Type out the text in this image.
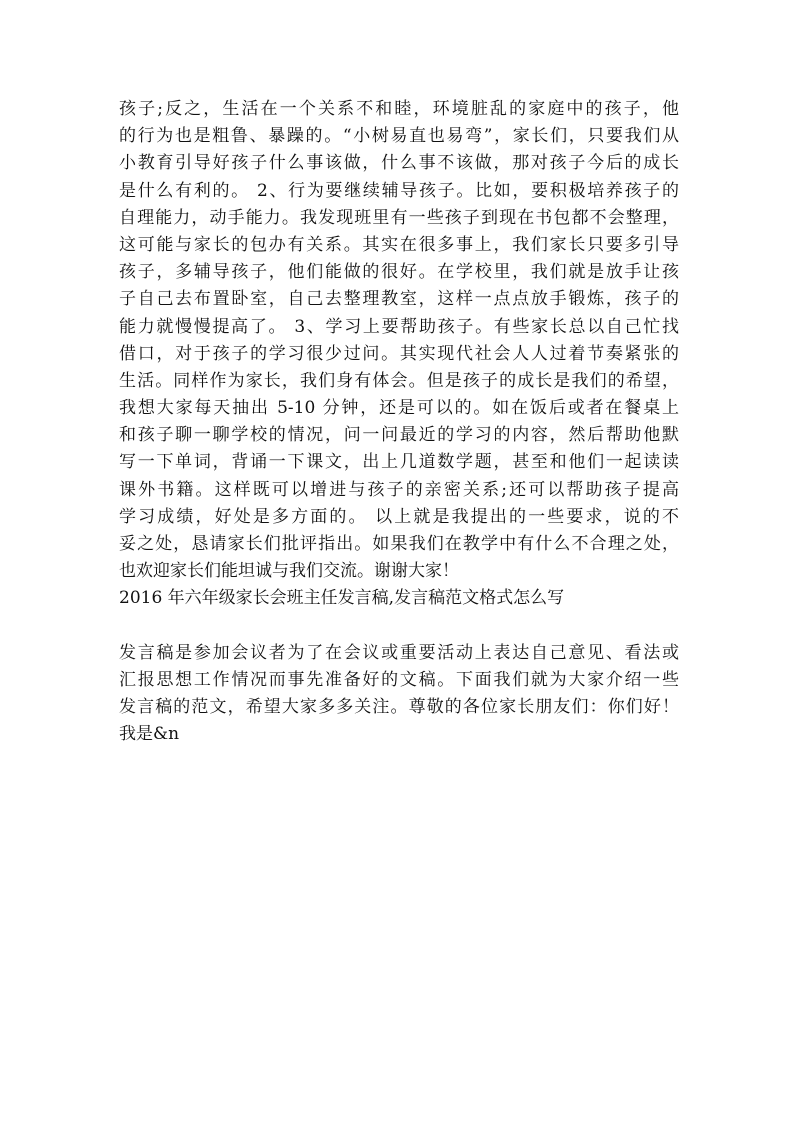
孩子;反之，生活在一个关系不和睦，环境脏乱的家庭中的孩子，他
的行为也是粗鲁、暴躁的。“小树易直也易弯”，家长们，只要我们从
小教育引导好孩子什么事该做，什么事不该做，那对孩子今后的成长
是什么有利的。 2、行为要继续辅导孩子。比如，要积极培养孩子的
自理能力，动手能力。我发现班里有一些孩子到现在书包都不会整理，
这可能与家长的包办有关系。其实在很多事上，我们家长只要多引导
孩子，多辅导孩子，他们能做的很好。在学校里，我们就是放手让孩
子自己去布置卧室，自己去整理教室，这样一点点放手锻炼，孩子的
能力就慢慢提高了。 3、学习上要帮助孩子。有些家长总以自己忙找
借口，对于孩子的学习很少过问。其实现代社会人人过着节奏紧张的
生活。同样作为家长，我们身有体会。但是孩子的成长是我们的希望，
我想大家每天抽出 5-10 分钟，还是可以的。如在饭后或者在餐桌上
和孩子聊一聊学校的情况，问一问最近的学习的内容，然后帮助他默
写一下单词，背诵一下课文，出上几道数学题，甚至和他们一起读读
课外书籍。这样既可以增进与孩子的亲密关系;还可以帮助孩子提高
学习成绩，好处是多方面的。 以上就是我提出的一些要求，说的不
妥之处，恳请家长们批评指出。如果我们在教学中有什么不合理之处，
也欢迎家长们能坦诚与我们交流。谢谢大家！
2016 年六年级家长会班主任发言稿,发言稿范文格式怎么写
发言稿是参加会议者为了在会议或重要活动上表达自己意见、看法或
汇报思想工作情况而事先准备好的文稿。下面我们就为大家介绍一些
发言稿的范文，希望大家多多关注。尊敬的各位家长朋友们：你们好！
我是&n
